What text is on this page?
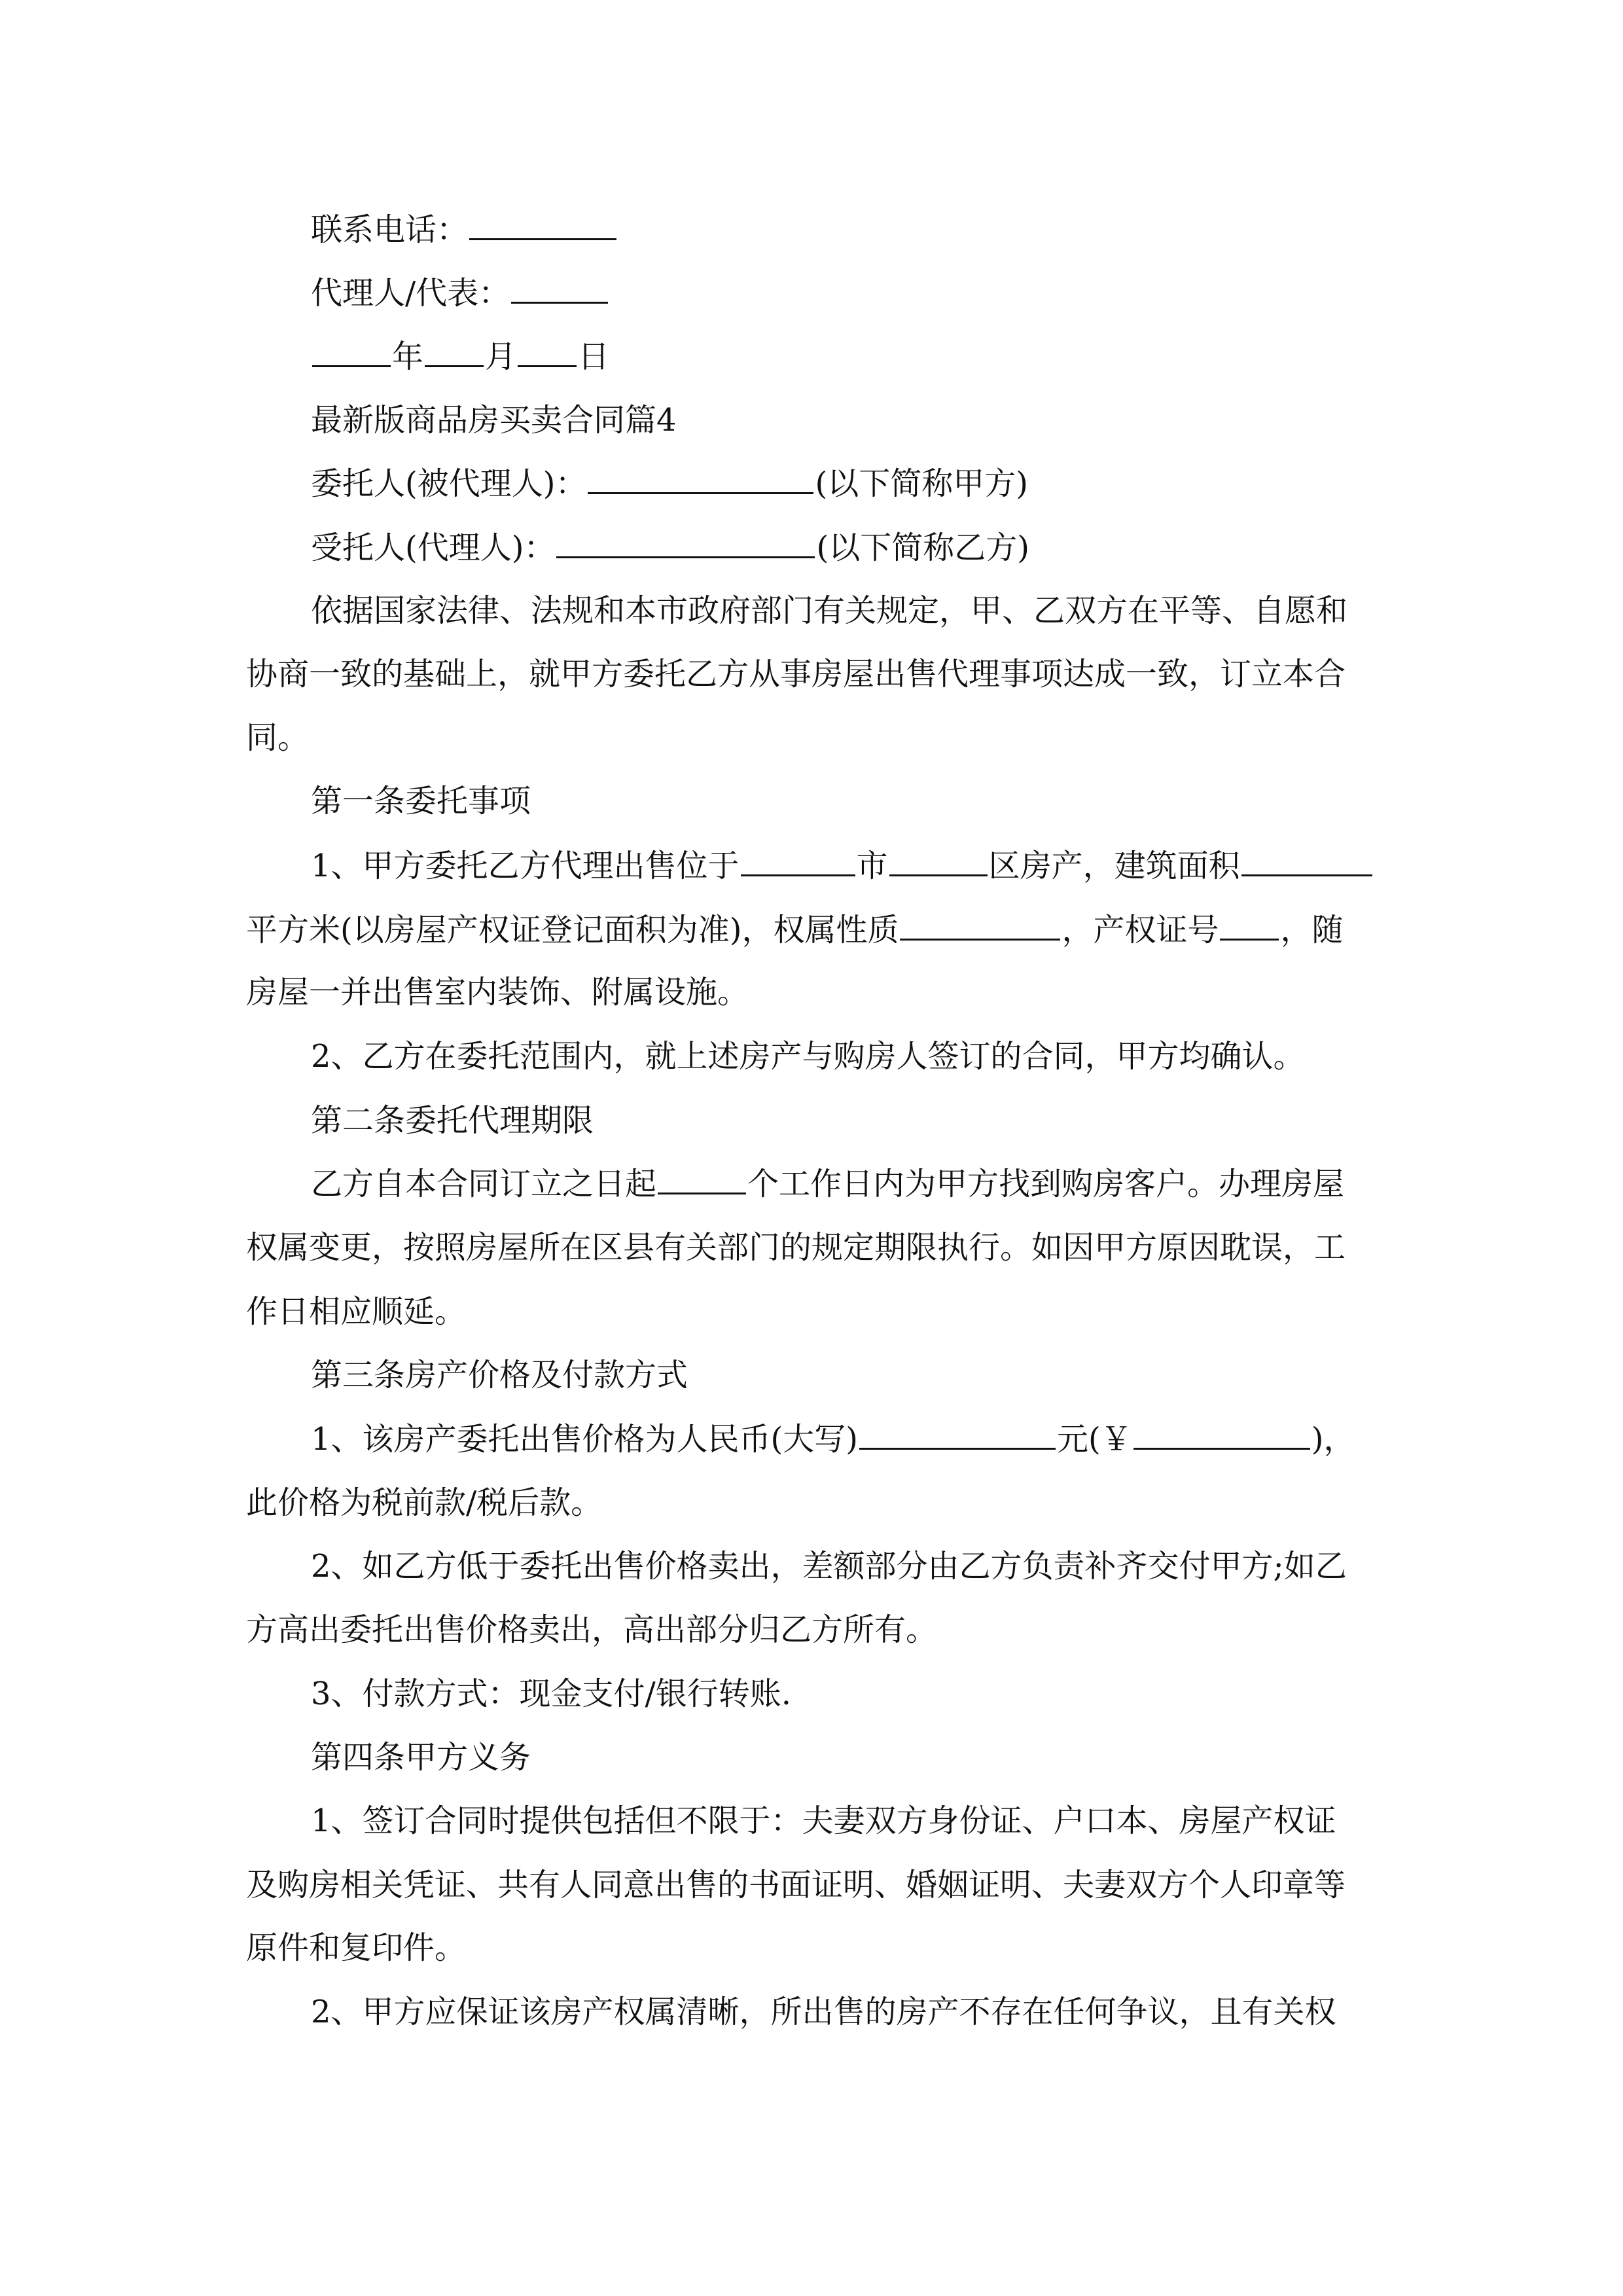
联系电话：
代理人/代表：
年 月 日
最新版商品房买卖合同篇4
委托人(被代理人)：	(以下简称甲方)
受托人(代理人)：	(以下简称乙方)
依据国家法律、法规和本市政府部门有关规定，甲、乙双方在平等、自愿和
协商一致的基础上，就甲方委托乙方从事房屋出售代理事项达成一致，订立本合
同。
第一条委托事项
1、甲方委托乙方代理出售位于	市	区房产，建筑面积
平方米(以房屋产权证登记面积为准)，权属性质	，产权证号 ，随
房屋一并出售室内装饰、附属设施。
2、乙方在委托范围内，就上述房产与购房人签订的合同，甲方均确认。
第二条委托代理期限
乙方自本合同订立之日起	个工作日内为甲方找到购房客户。办理房屋
权属变更，按照房屋所在区县有关部门的规定期限执行。如因甲方原因耽误，工
作日相应顺延。
第三条房产价格及付款方式
1、该房产委托出售价格为人民币(大写)	元(￥	)，
此价格为税前款/税后款。
2、如乙方低于委托出售价格卖出，差额部分由乙方负责补齐交付甲方;如乙
方高出委托出售价格卖出，高出部分归乙方所有。
3、付款方式：现金支付/银行转账.
第四条甲方义务
1、签订合同时提供包括但不限于：夫妻双方身份证、户口本、房屋产权证
及购房相关凭证、共有人同意出售的书面证明、婚姻证明、夫妻双方个人印章等
原件和复印件。
2、甲方应保证该房产权属清晰，所出售的房产不存在任何争议，且有关权
